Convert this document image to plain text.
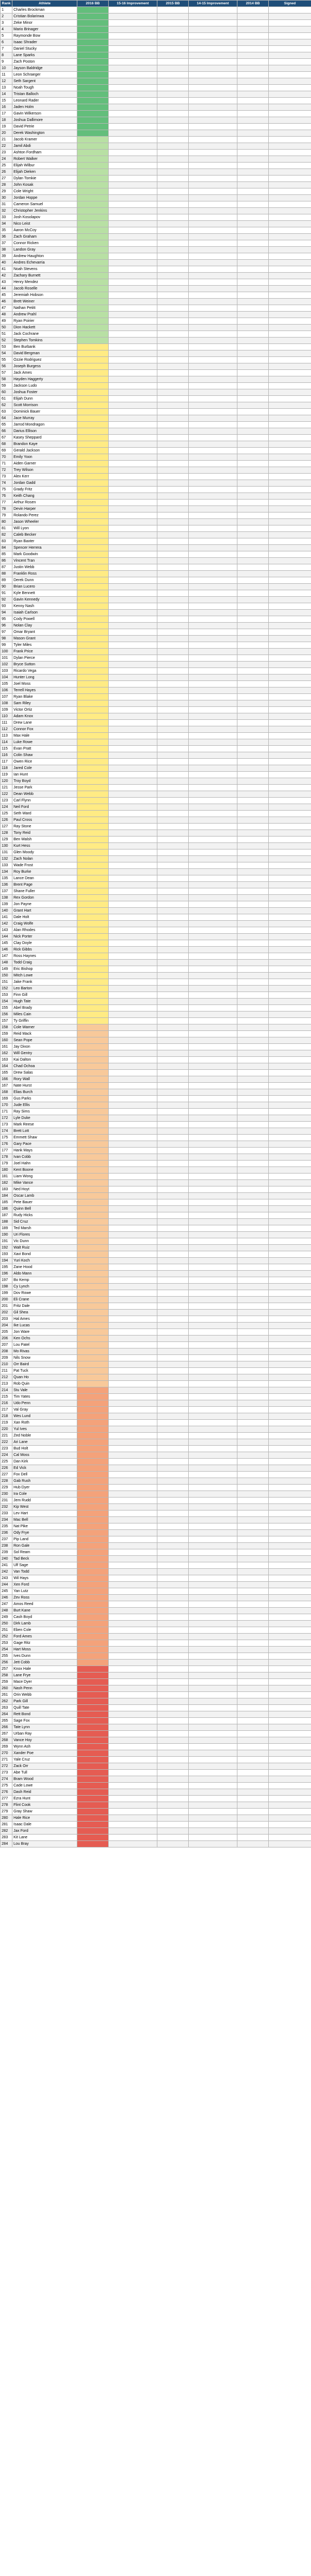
Rank	Athlete	2016 BB	15-16 Improvement	2015 BB	14-15 Improvement	2014 BB	Signed
1	Charles Brockman						
2	Cristian Bolarinwa						
3	Zeke Minor						
4	Mario Brinager						
5	Raymonde Bow						
6	Isaac Shrader						
7	Daniel Stucky						
8	Lane Sparks						
9	Zach Poston						
10	Jayson Baldridge						
11	Leon Schraeger						
12	Seth Sargent						
13	Noah Tough						
14	Tristan Balloch						
15	Leonard Rader						
16	Jaden Holm						
17	Gavin Wilkerson						
18	Joshua Dallimore						
19	David Petrie						
20	Derek Washington						
21	Jacob Kramer						
22	Jamil Abdi						
23	Ashton Fordham						
24	Robert Walker						
25	Elijah Wilbur						
26	Elijah Dieken						
27	Dylan Tomkie						
28	John Kosak						
29	Cole Wright						
30	Jordan Hoppe						
31	Cameron Samuel						
32	Christopher Jenkins						
33	Josh Kosolapov						
34	Nico Leist						
35	Aaron McCoy						
36	Zach Graham						
37	Connor Ricken						
38	Landon Gray						
39	Andrew Haughton						
40	Andres Echevarria						
41	Noah Stevens						
42	Zachary Burnett						
43	Henry Mendez						
44	Jacob Roselle						
45	Jeremiah Hobson						
46	Brett Weiner						
47	Nathan Petitt						
48	Andrew Prahl						
49	Ryan Poirier						
50	Dion Hackett						
51	Jack Cochrane						
52	Stephen Tomkins						
53	Ben Burbank						
54	David Bergman						
55	Ozzie Rodriguez						
56	Joseph Burgess						
57	Jack Ames						
58	Hayden Haggerty						
59	Jackson Ludo						
60	Joshua Foster						
61	Elijah Dunn						
62	Scott Morrison						
63	Dominick Bauer						
64	Jace Murray						
65	Jarrod Mondragon						
66	Darius Ellison						
67	Kasey Sheppard						
68	Brandon Kaye						
69	Gerald Jackson						
70	Emily Yoon						
71	Aiden Garner						
72	Trey Wilson						
73	Alex Kerr						
74	Jordan Gadd						
75	Grady Fritz						
76	Keith Chang						
77	Arthur Rosen						
78	Devin Harper						
79	Rolando Perez						
80	Jason Wheeler						
81	Will Lyon						
82	Caleb Becker						
83	Ryan Baxter						
84	Spencer Herrera						
85	Mark Goodwin						
86	Vincent Tran						
87	Justin Webb						
88	Franklin Ross						
89	Derek Dunn						
90	Brian Lucero						
91	Kyle Bennett						
92	Gavin Kennedy						
93	Kenny Nash						
94	Isaiah Carlson						
95	Cody Powell						
96	Nolan Clay						
97	Omar Bryant						
98	Mason Grant						
99	Tyler Miles						
100	Frank Price						
101	Dylan Pierce						
102	Bryce Sutton						
103	Ricardo Vega						
104	Hunter Long						
105	Joel Moss						
106	Terrell Hayes						
107	Ryan Blake						
108	Sam Riley						
109	Victor Ortiz						
110	Adam Knox						
111	Drew Lane						
112	Connor Fox						
113	Max Hale						
114	Luke Rowe						
115	Evan Pratt						
116	Colin Shaw						
117	Owen Rice						
118	Jared Cole						
119	Ian Hunt						
120	Troy Boyd						
121	Jesse Park						
122	Dean Webb						
123	Carl Flynn						
124	Neil Ford						
125	Seth Ward						
126	Paul Cross						
127	Ray Stone						
128	Tony Reid						
129	Ben Walsh						
130	Kurt Hess						
131	Glen Moody						
132	Zach Nolan						
133	Wade Frost						
134	Roy Burke						
135	Lance Dean						
136	Brent Page						
137	Shane Fuller						
138	Rex Gordon						
139	Jon Payne						
140	Grant Hart						
141	Dale Holt						
142	Craig Wolfe						
143	Alan Rhodes						
144	Nick Porter						
145	Clay Doyle						
146	Rick Gibbs						
147	Ross Haynes						
148	Todd Craig						
149	Eric Bishop						
150	Mitch Lowe						
151	Jake Frank						
152	Leo Barton						
153	Finn Gill						
154	Hugh Tate						
155	Abel Brady						
156	Miles Cain						
157	Ty Griffin						
158	Cole Warner						
159	Reid Mack						
160	Sean Pope						
161	Jay Dixon						
162	Will Gentry						
163	Kai Dalton						
164	Chad Ochoa						
165	Drew Salas						
166	Rory Wall						
167	Nate Hurst						
168	Elias Burch						
169	Gus Parks						
170	Jude Ellis						
171	Ray Sims						
172	Lyle Duke						
173	Mark Reese						
174	Brett Lott						
175	Emmett Shaw						
176	Gary Pace						
177	Hank Mays						
178	Ivan Cobb						
179	Joel Hahn						
180	Kent Boone						
181	Liam Wong						
182	Mike Vance						
183	Ned Hoyt						
184	Oscar Lamb						
185	Pete Bauer						
186	Quinn Bell						
187	Rudy Hicks						
188	Sid Cruz						
189	Ted Marsh						
190	Uri Flores						
191	Vic Dunn						
192	Walt Ruiz						
193	Xavi Bond						
194	Yuri Koch						
195	Zane Hood						
196	Aldo Mann						
197	Bo Kemp						
198	Cy Lynch						
199	Dov Rowe						
200	Eli Crane						
201	Fritz Dale						
202	Gil Shea						
203	Hal Ames						
204	Ike Lucas						
205	Jon Ware						
206	Ken Ochs						
207	Lou Patel						
208	Mo Rivas						
209	Nils Snow						
210	Orr Baird						
211	Pat Tuck						
212	Quan Ho						
213	Rob Quin						
214	Stu Vale						
215	Tim Yates						
216	Udo Penn						
217	Val Gray						
218	Wes Lund						
219	Xan Roth						
220	Yul Ives						
221	Zed Noble						
222	Ari Lane						
223	Bud Holt						
224	Cal Moss						
225	Dan Kirk						
226	Ed Vick						
227	Fox Dell						
228	Gab Rush						
229	Hub Dyer						
230	Ira Cole						
231	Jem Rudd						
232	Kip West						
233	Lev Hart						
234	Mac Bell						
235	Nat Pike						
236	Ody Frye						
237	Pip Land						
238	Ron Gale						
239	Sol Ream						
240	Tad Beck						
241	Ulf Sage						
242	Van Todd						
243	Wil Hays						
244	Xen Ford						
245	Yan Lutz						
246	Zev Ross						
247	Amos Reed						
248	Burt Kane						
249	Cash Boyd						
250	Dirk Lamb						
251	Eben Cole						
252	Ford Ames						
253	Gage Ritz						
254	Hart Moss						
255	Ives Dunn						
256	Jett Cobb						
257	Knox Hale						
258	Lane Frye						
259	Mace Dyer						
260	Nash Penn						
261	Orin Webb						
262	Park Gill						
263	Quill Tate						
264	Rett Bond						
265	Sage Fox						
266	Tate Lynn						
267	Urban Ray						
268	Vance Hoy						
269	Wynn Ash						
270	Xander Poe						
271	Yale Cruz						
272	Zack Orr						
273	Abe Tull						
274	Bram Wood						
275	Cade Lowe						
276	Dash Reid						
277	Ezra Hunt						
278	Flint Cook						
279	Gray Shaw						
280	Hale Rice						
281	Isaac Dale						
282	Jax Ford						
283	Kit Lane						
284	Lou Bray						
